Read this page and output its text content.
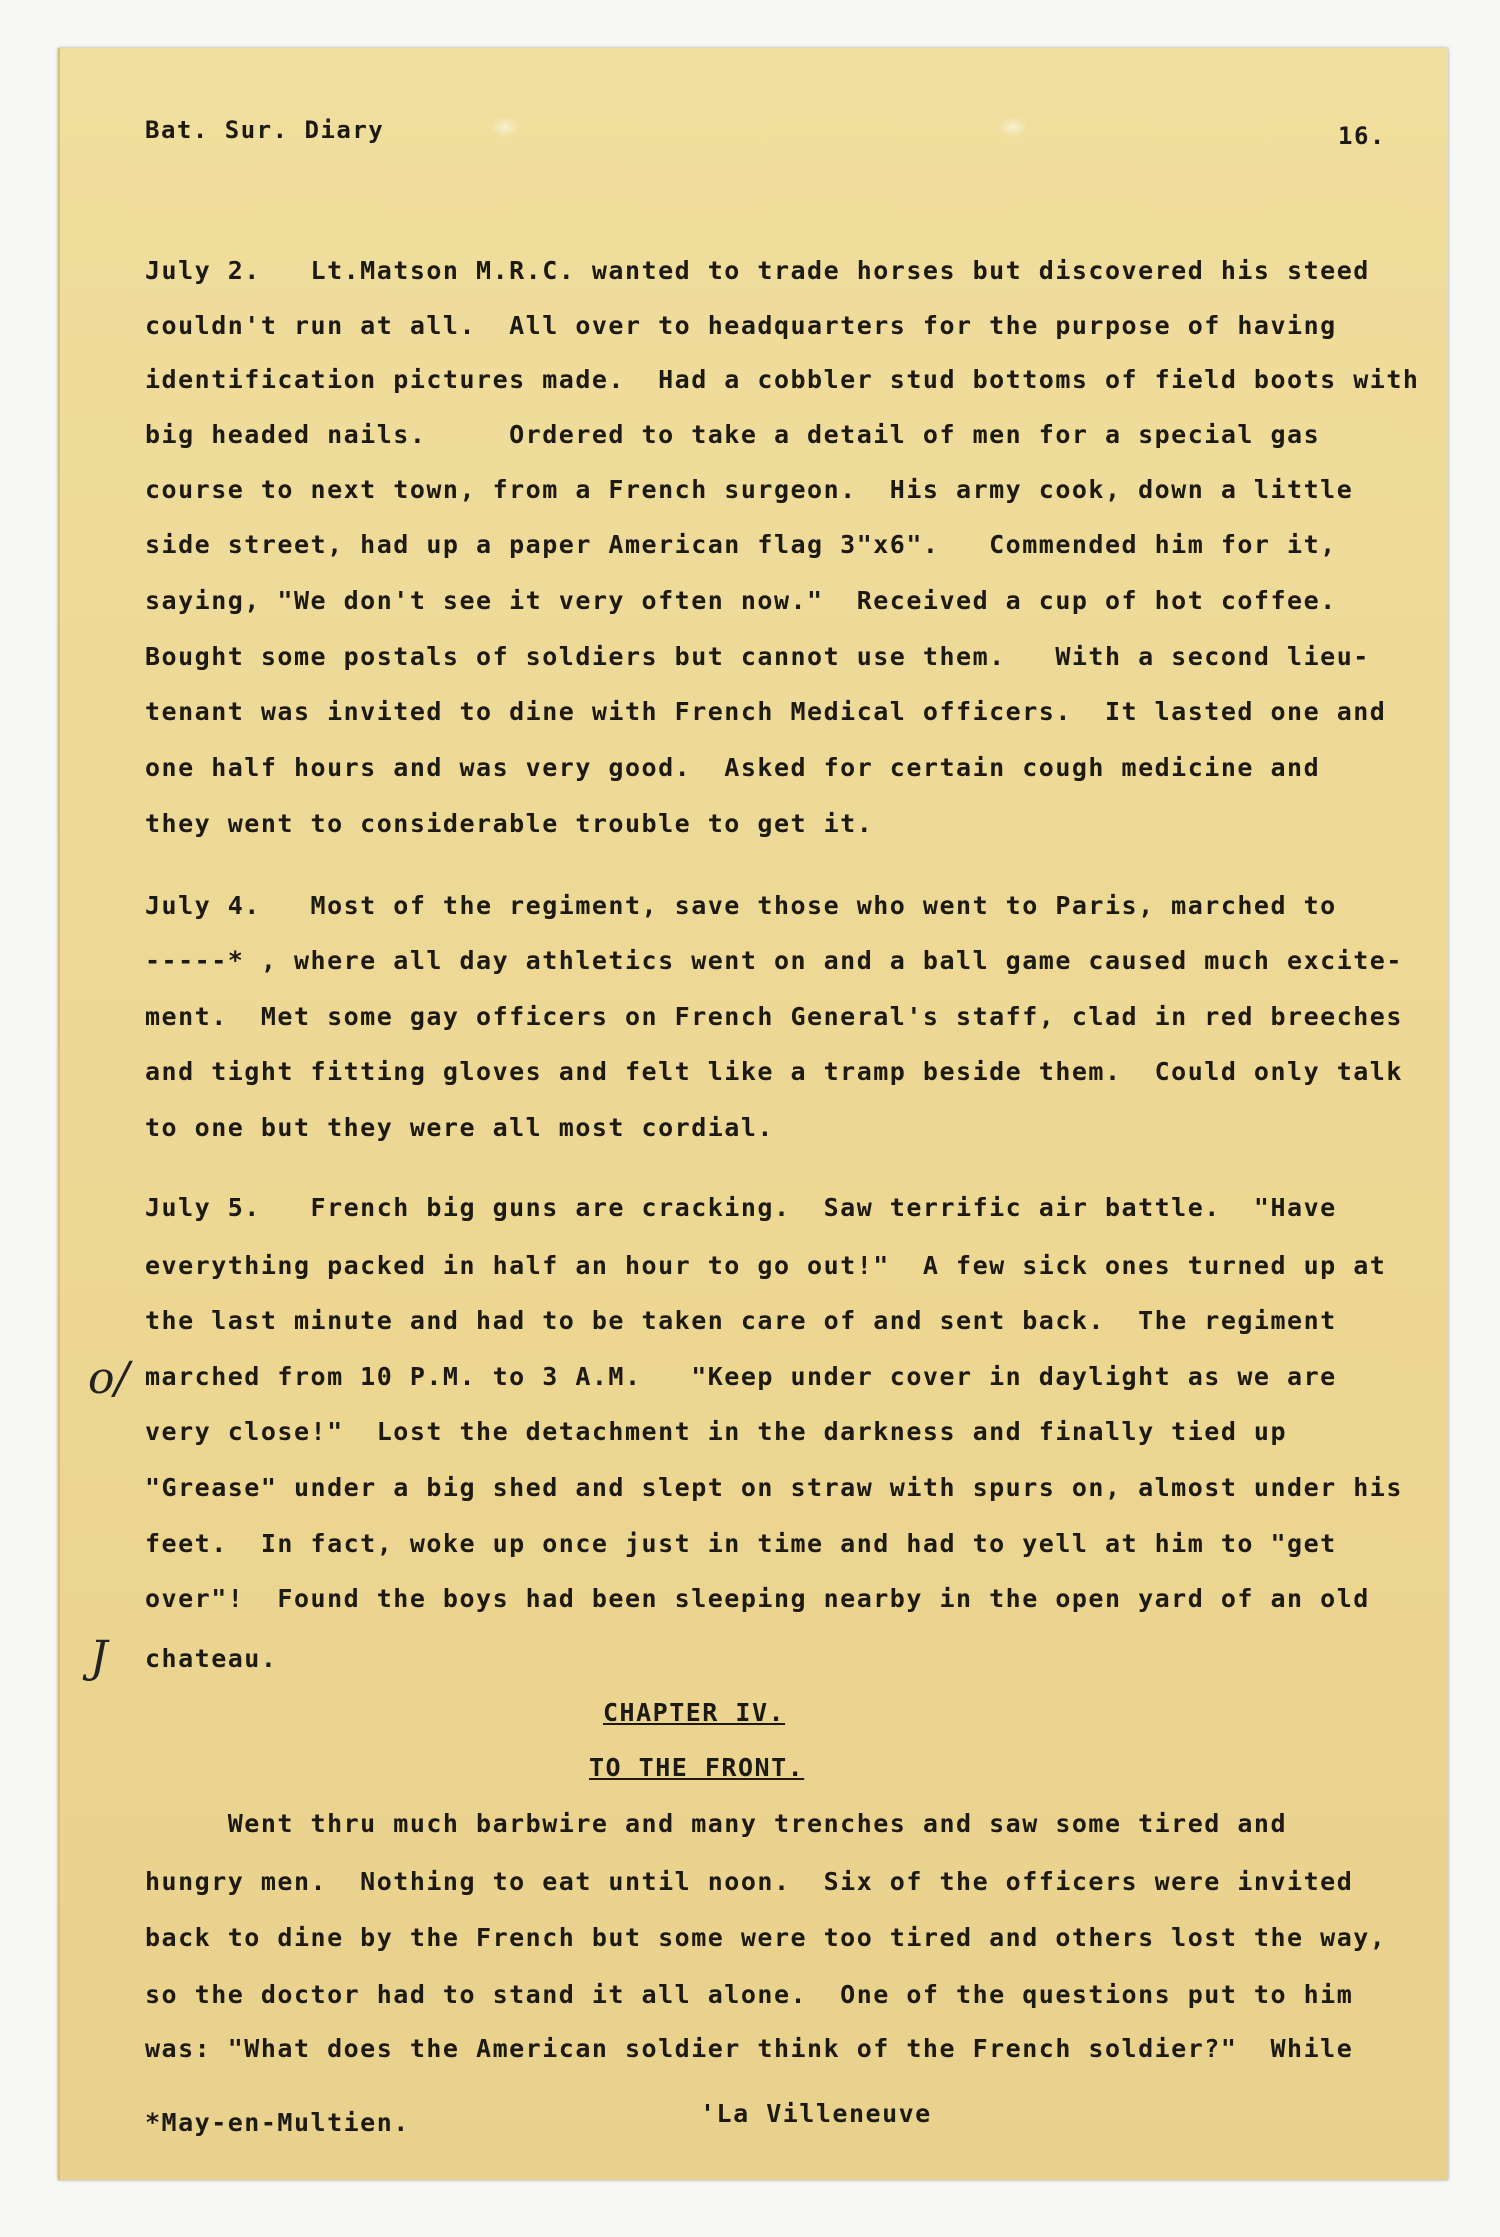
Bat. Sur. Diary	16.
July 2.   Lt.Matson M.R.C. wanted to trade horses but discovered his steed
couldn't run at all.  All over to headquarters for the purpose of having
identification pictures made.  Had a cobbler stud bottoms of field boots with
big headed nails.     Ordered to take a detail of men for a special gas
course to next town, from a French surgeon.  His army cook, down a little
side street, had up a paper American flag 3"x6".   Commended him for it,
saying, "We don't see it very often now."  Received a cup of hot coffee.
Bought some postals of soldiers but cannot use them.   With a second lieu-
tenant was invited to dine with French Medical officers.  It lasted one and
one half hours and was very good.  Asked for certain cough medicine and
they went to considerable trouble to get it.
July 4.   Most of the regiment, save those who went to Paris, marched to
-----* , where all day athletics went on and a ball game caused much excite-
ment.  Met some gay officers on French General's staff, clad in red breeches
and tight fitting gloves and felt like a tramp beside them.  Could only talk
to one but they were all most cordial.
July 5.   French big guns are cracking.  Saw terrific air battle.  "Have
everything packed in half an hour to go out!"  A few sick ones turned up at
the last minute and had to be taken care of and sent back.  The regiment
marched from 10 P.M. to 3 A.M.   "Keep under cover in daylight as we are
very close!"  Lost the detachment in the darkness and finally tied up
"Grease" under a big shed and slept on straw with spurs on, almost under his
feet.  In fact, woke up once just in time and had to yell at him to "get
over"!  Found the boys had been sleeping nearby in the open yard of an old
chateau.
o/
J
CHAPTER IV.
TO THE FRONT.
Went thru much barbwire and many trenches and saw some tired and
hungry men.  Nothing to eat until noon.  Six of the officers were invited
back to dine by the French but some were too tired and others lost the way,
so the doctor had to stand it all alone.  One of the questions put to him
was: "What does the American soldier think of the French soldier?"  While
*May-en-Multien.	'La Villeneuve
